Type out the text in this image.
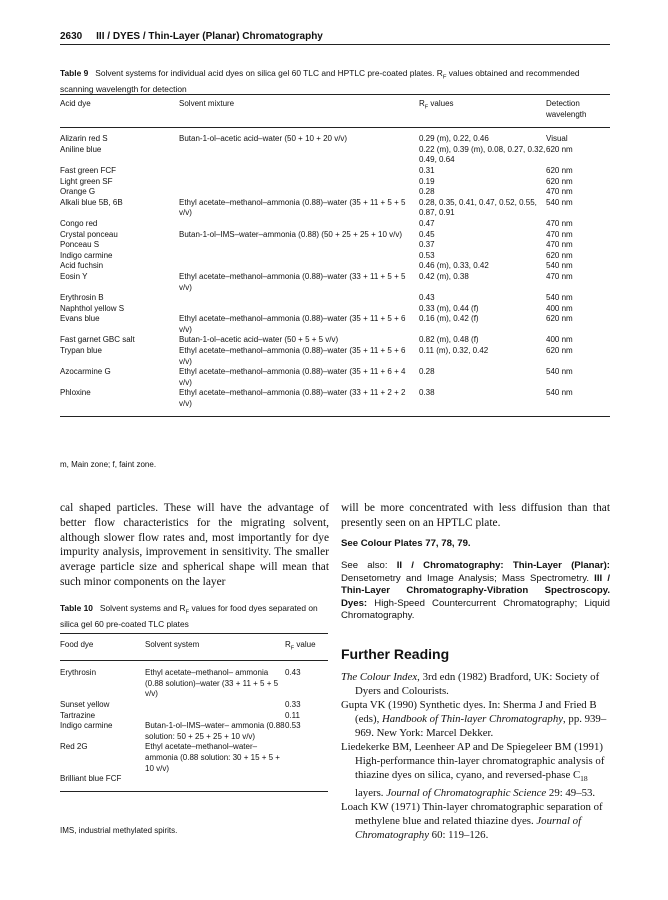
2630 III / DYES / Thin-Layer (Planar) Chromatography
Table 9 Solvent systems for individual acid dyes on silica gel 60 TLC and HPTLC pre-coated plates. $R_F$ values obtained and recommended scanning wavelength for detection
Acid dye	Solvent mixture	$R_F$ values	Detection wavelength
Alizarin red S	Butan-1-ol–acetic acid–water (50 + 10 + 20 v/v)	0.29 (m), 0.22, 0.46	Visual
Aniline blue		0.22 (m), 0.39 (m), 0.08, 0.27, 0.32, 0.49, 0.64	620 nm
Fast green FCF		0.31	620 nm
Light green SF		0.19	620 nm
Orange G		0.28	470 nm
Alkali blue 5B, 6B	Ethyl acetate–methanol–ammonia (0.88)–water (35 + 11 + 5 + 5 v/v)	0.28, 0.35, 0.41, 0.47, 0.52, 0.55, 0.87, 0.91	540 nm
Congo red		0.47	470 nm
Crystal ponceau	Butan-1-ol–IMS–water–ammonia (0.88) (50 + 25 + 25 + 10 v/v)	0.45	470 nm
Ponceau S		0.37	470 nm
Indigo carmine		0.53	620 nm
Acid fuchsin		0.46 (m), 0.33, 0.42	540 nm
Eosin Y	Ethyl acetate–methanol–ammonia (0.88)–water (33 + 11 + 5 + 5 v/v)	0.42 (m), 0.38	470 nm
Erythrosin B		0.43	540 nm
Naphthol yellow S		0.33 (m), 0.44 (f)	400 nm
Evans blue	Ethyl acetate–methanol–ammonia (0.88)–water (35 + 11 + 5 + 6 v/v)	0.16 (m), 0.42 (f)	620 nm
Fast garnet GBC salt	Butan-1-ol–acetic acid–water (50 + 5 + 5 v/v)	0.82 (m), 0.48 (f)	400 nm
Trypan blue	Ethyl acetate–methanol–ammonia (0.88)–water (35 + 11 + 5 + 6 v/v)	0.11 (m), 0.32, 0.42	620 nm
Azocarmine G	Ethyl acetate–methanol–ammonia (0.88)–water (35 + 11 + 6 + 4 v/v)	0.28	540 nm
Phloxine	Ethyl acetate–methanol–ammonia (0.88)–water (33 + 11 + 2 + 2 v/v)	0.38	540 nm
m, Main zone; f, faint zone.
cal shaped particles. These will have the advantage of better flow characteristics for the migrating solvent, although slower flow rates and, most importantly for dye impurity analysis, improvement in sensitivity. The smaller average particle size and spherical shape will mean that such minor components on the layer
Table 10 Solvent systems and $R_F$ values for food dyes separated on silica gel 60 pre-coated TLC plates
Food dye	Solvent system	$R_F$ value
Erythrosin	Ethyl acetate–methanol– ammonia (0.88 solution)–water (33 + 11 + 5 + 5 v/v)	0.43
Sunset yellow		0.33
Tartrazine		0.11
Indigo carmine	Butan-1-ol–IMS–water– ammonia (0.88 solution: 50 + 25 + 25 + 10 v/v)	0.53
Red 2G	Ethyl acetate–methanol–water– ammonia (0.88 solution: 30 + 15 + 5 + 10 v/v)	
Brilliant blue FCF		
IMS, industrial methylated spirits.
will be more concentrated with less diffusion than that presently seen on an HPTLC plate.
See Colour Plates 77, 78, 79.
See also: II / Chromatography: Thin-Layer (Planar): Densetometry and Image Analysis; Mass Spectrometry. III / Thin-Layer Chromatography-Vibration Spectroscopy. Dyes: High-Speed Countercurrent Chromatography; Liquid Chromatography.
Further Reading
The Colour Index, 3rd edn (1982) Bradford, UK: Society of Dyers and Colourists.
Gupta VK (1990) Synthetic dyes. In: Sherma J and Fried B (eds), Handbook of Thin-layer Chromatography, pp. 939–969. New York: Marcel Dekker.
Liedekerke BM, Leenheer AP and De Spiegeleer BM (1991) High-performance thin-layer chromatographic analysis of thiazine dyes on silica, cyano, and reversed-phase $C_{18}$ layers. Journal of Chromatographic Science 29: 49–53.
Loach KW (1971) Thin-layer chromatographic separation of methylene blue and related thiazine dyes. Journal of Chromatography 60: 119–126.
